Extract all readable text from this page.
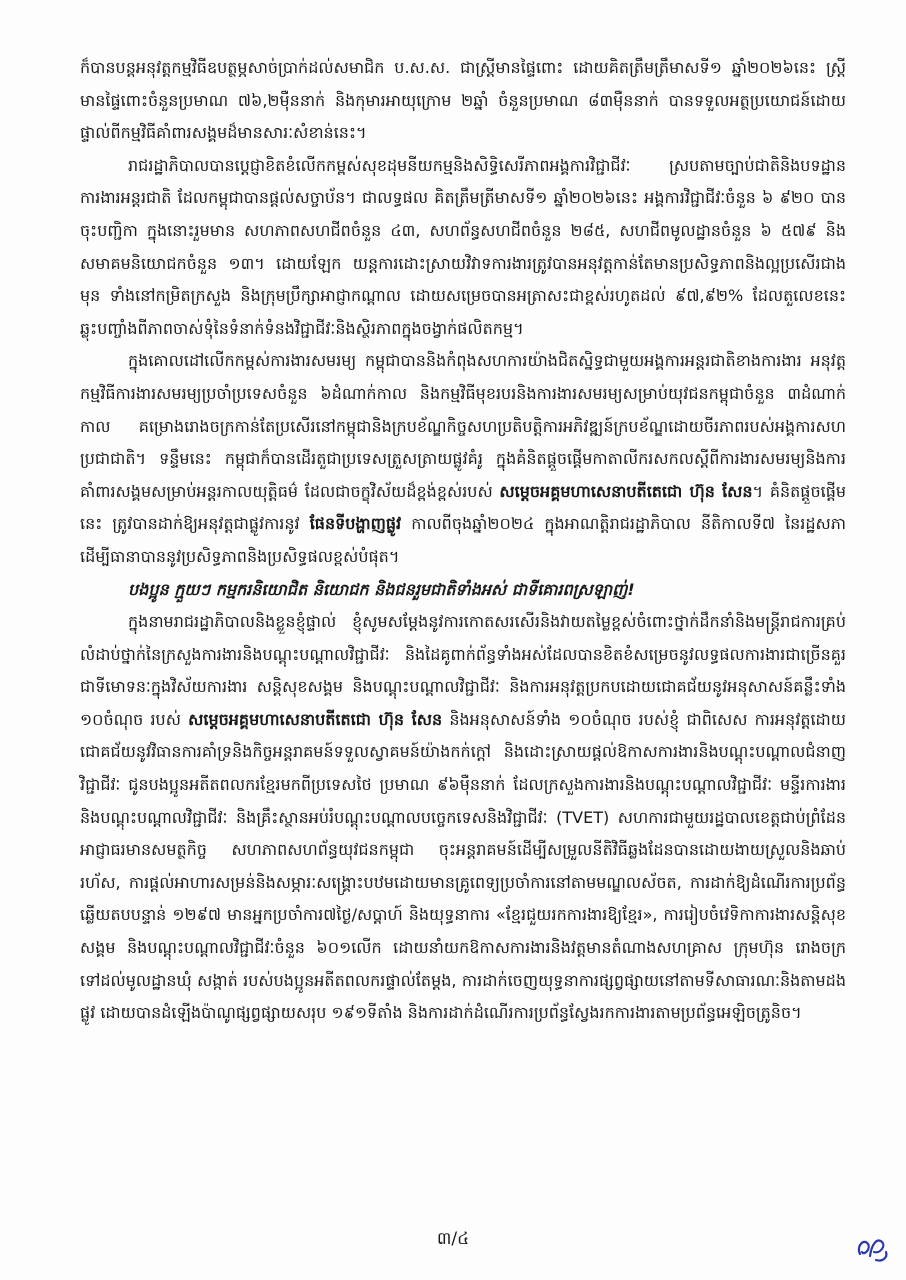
ក៏បានបន្តអនុវត្តកម្មវិធីឧបត្ថម្ភសាច់ប្រាក់ដល់សមាជិក ប.ស.ស. ជាស្ត្រីមានផ្ទៃពោះ ដោយគិតត្រឹមត្រឹមាសទី១ ឆ្នាំ២០២៦នេះ ស្ត្រីមានផ្ទៃពោះចំនួនប្រមាណ ៧៦,២ម៉ឺននាក់ និងកុមារអាយុក្រោម ២ឆ្នាំ ចំនួនប្រមាណ ៨៣ម៉ឺននាក់ បានទទួលអត្ថប្រយោជន៍ដោយផ្ទាល់ពីកម្មវិធីគាំពារសង្គមដ៏មានសារៈសំខាន់នេះ។

រាជរដ្ឋាភិបាលបានប្តេជ្ញាខិតខំលើកកម្ពស់សុខដុមនីយកម្មនិងសិទ្ធិសេរីភាពអង្គការវិជ្ជាជីវៈ ស្របតាមច្បាប់ជាតិនិងបទដ្ឋានការងារអន្តរជាតិ ដែលកម្ពុជាបានផ្តល់សច្ចាប័ន។ ជាលទ្ធផល គិតត្រឹមត្រីមាសទី១ ឆ្នាំ២០២៦នេះ អង្គការវិជ្ជាជីវៈចំនួន ៦ ៩២០ បានចុះបញ្ជិកា ក្នុងនោះរួមមាន សហភាពសហជីពចំនួន ៤៣, សហព័ន្ធសហជីពចំនួន ២៨៥, សហជីពមូលដ្ឋានចំនួន ៦ ៥៧៩ និងសមាគមនិយោជកចំនួន ១៣។ ដោយឡែក យន្តការដោះស្រាយវិវាទការងារត្រូវបានអនុវត្តកាន់តែមានប្រសិទ្ធភាពនិងល្អប្រសើរជាងមុន ទាំងនៅកម្រិតក្រសួង និងក្រុមប្រឹក្សាអាជ្ញាកណ្តាល ដោយសម្រេចបានអត្រាសះជាខ្ពស់រហូតដល់ ៩៧,៩២% ដែលតួលេខនេះ ឆ្លុះបញ្ចាំងពីភាពចាស់ទុំនៃទំនាក់ទំនងវិជ្ជាជីវៈនិងស្ថិរភាពក្នុងចង្វាក់ផលិតកម្ម។

ក្នុងគោលដៅលើកកម្ពស់ការងារសមរម្យ កម្ពុជាបាននិងកំពុងសហការយ៉ាងជិតស្និទ្ធជាមួយអង្គការអន្តរជាតិខាងការងារ អនុវត្តកម្មវិធីការងារសមរម្យប្រចាំប្រទេសចំនួន ៦ដំណាក់កាល និងកម្មវិធីមុខរបរនិងការងារសមរម្យសម្រាប់យុវជនកម្ពុជាចំនួន ៣ដំណាក់កាល គម្រោងរោងចក្រកាន់តែប្រសើរនៅកម្ពុជានិងក្របខ័ណ្ឌកិច្ចសហប្រតិបត្តិការអភិវឌ្ឍន៍ក្របខ័ណ្ឌដោយចីរភាពរបស់អង្គការសហប្រជាជាតិ។ ទន្ទឹមនេះ កម្ពុជាក៏បានដើរតួជាប្រទេសត្រួសត្រាយផ្លូវគំរូ ក្នុងគំនិតផ្តួចផ្តើមកាតាលីករសកលស្តីពីការងារសមរម្យនិងការគាំពារសង្គមសម្រាប់អន្តរកាលយុត្តិធម៌ ដែលជាចក្ខុវិស័យដ៏ខ្ពង់ខ្ពស់របស់ សម្តេចអគ្គមហាសេនាបតីតេជោ ហ៊ុន សែន។ គំនិតផ្តួចផ្តើមនេះ ត្រូវបានដាក់ឱ្យអនុវត្តជាផ្លូវការនូវ ផែនទីបង្ហាញផ្លូវ កាលពីចុងឆ្នាំ២០២៤ ក្នុងអាណត្តិរាជរដ្ឋាភិបាល នីតិកាលទី៧ នៃរដ្ឋសភា ដើម្បីធានាបាននូវប្រសិទ្ធភាពនិងប្រសិទ្ធផលខ្ពស់បំផុត។

បងប្អូន ក្មួយៗ កម្មករនិយោជិត និយោជក និងជនរួមជាតិទាំងអស់ ជាទីគោរពស្រឡាញ់!

ក្នុងនាមរាជរដ្ឋាភិបាលនិងខ្លួនខ្ញុំផ្ទាល់ ខ្ញុំសូមសម្តែងនូវការកោតសរសើរនិងវាយតម្លៃខ្ពស់ចំពោះថ្នាក់ដឹកនាំនិងមន្ត្រីរាជការគ្រប់លំដាប់ថ្នាក់នៃក្រសួងការងារនិងបណ្តុះបណ្តាលវិជ្ជាជីវៈ និងដៃគូពាក់ព័ន្ធទាំងអស់ដែលបានខិតខំសម្រេចនូវលទ្ធផលការងារជាច្រើនគួរជាទីមោទនៈក្នុងវិស័យការងារ សន្តិសុខសង្គម និងបណ្តុះបណ្តាលវិជ្ជាជីវៈ និងការអនុវត្តប្រកបដោយជោគជ័យនូវអនុសាសន៍គន្លឹះទាំង ១០ចំណុច របស់ សម្តេចអគ្គមហាសេនាបតីតេជោ ហ៊ុន សែន និងអនុសាសន៍ទាំង ១០ចំណុច របស់ខ្ញុំ ជាពិសេស ការអនុវត្តដោយជោគជ័យនូវវិធានការគាំទ្រនិងកិច្ចអន្តរាគមន៍ទទួលស្វាគមន៍យ៉ាងកក់ក្តៅ និងដោះស្រាយផ្តល់ឱកាសការងារនិងបណ្តុះបណ្តាលជំនាញវិជ្ជាជីវៈ ជូនបងប្អូនអតីតពលករខ្មែរមកពីប្រទេសថៃ ប្រមាណ ៩៦ម៉ឺននាក់ ដែលក្រសួងការងារនិងបណ្តុះបណ្តាលវិជ្ជាជីវៈ មន្ទីរការងារនិងបណ្តុះបណ្តាលវិជ្ជាជីវៈ និងគ្រឹះស្ថានអប់រំបណ្តុះបណ្តាលបច្ចេកទេសនិងវិជ្ជាជីវៈ (TVET) សហការជាមួយរដ្ឋបាលខេត្តជាប់ព្រំដែន អាជ្ញាធរមានសមត្ថកិច្ច សហភាពសហព័ន្ធយុវជនកម្ពុជា ចុះអន្តរាគមន៍ដើម្បីសម្រួលនីតិវិធីឆ្លងដែនបានដោយងាយស្រួលនិងឆាប់រហ័ស, ការផ្តល់អាហារសម្រន់និងសម្ភារៈសង្គ្រោះបឋមដោយមានគ្រូពេទ្យប្រចាំការនៅតាមមណ្ឌលស័ចត, ការដាក់ឱ្យដំណើរការប្រព័ន្ធឆ្លើយតបបន្ទាន់ ១២៩៧ មានអ្នកប្រចាំការ៧ថ្ងៃ/សប្តាហ៍ និងយុទ្ធនាការ «ខ្មែរជួយរកការងារឱ្យខ្មែរ», ការរៀបចំវេទិកាការងារសន្តិសុខសង្គម និងបណ្តុះបណ្តាលវិជ្ជាជីវៈចំនួន ៦០១លើក ដោយនាំយកឱកាសការងារនិងវត្តមានតំណាងសហគ្រាស ក្រុមហ៊ុន រោងចក្រ ទៅដល់មូលដ្ឋានឃុំ សង្កាត់ របស់បងប្អូនអតីតពលករផ្ទាល់តែម្តង, ការដាក់ចេញយុទ្ធនាការផ្សព្វផ្សាយនៅតាមទីសាធារណៈនិងតាមដងផ្លូវ ដោយបានដំឡើងប៉ាណូផ្សព្វផ្សាយសរុប ១៩១ទីតាំង និងការដាក់ដំណើរការប្រព័ន្ធស្វែងរកការងារតាមប្រព័ន្ធអេឡិចត្រូនិច។

៣/៤
